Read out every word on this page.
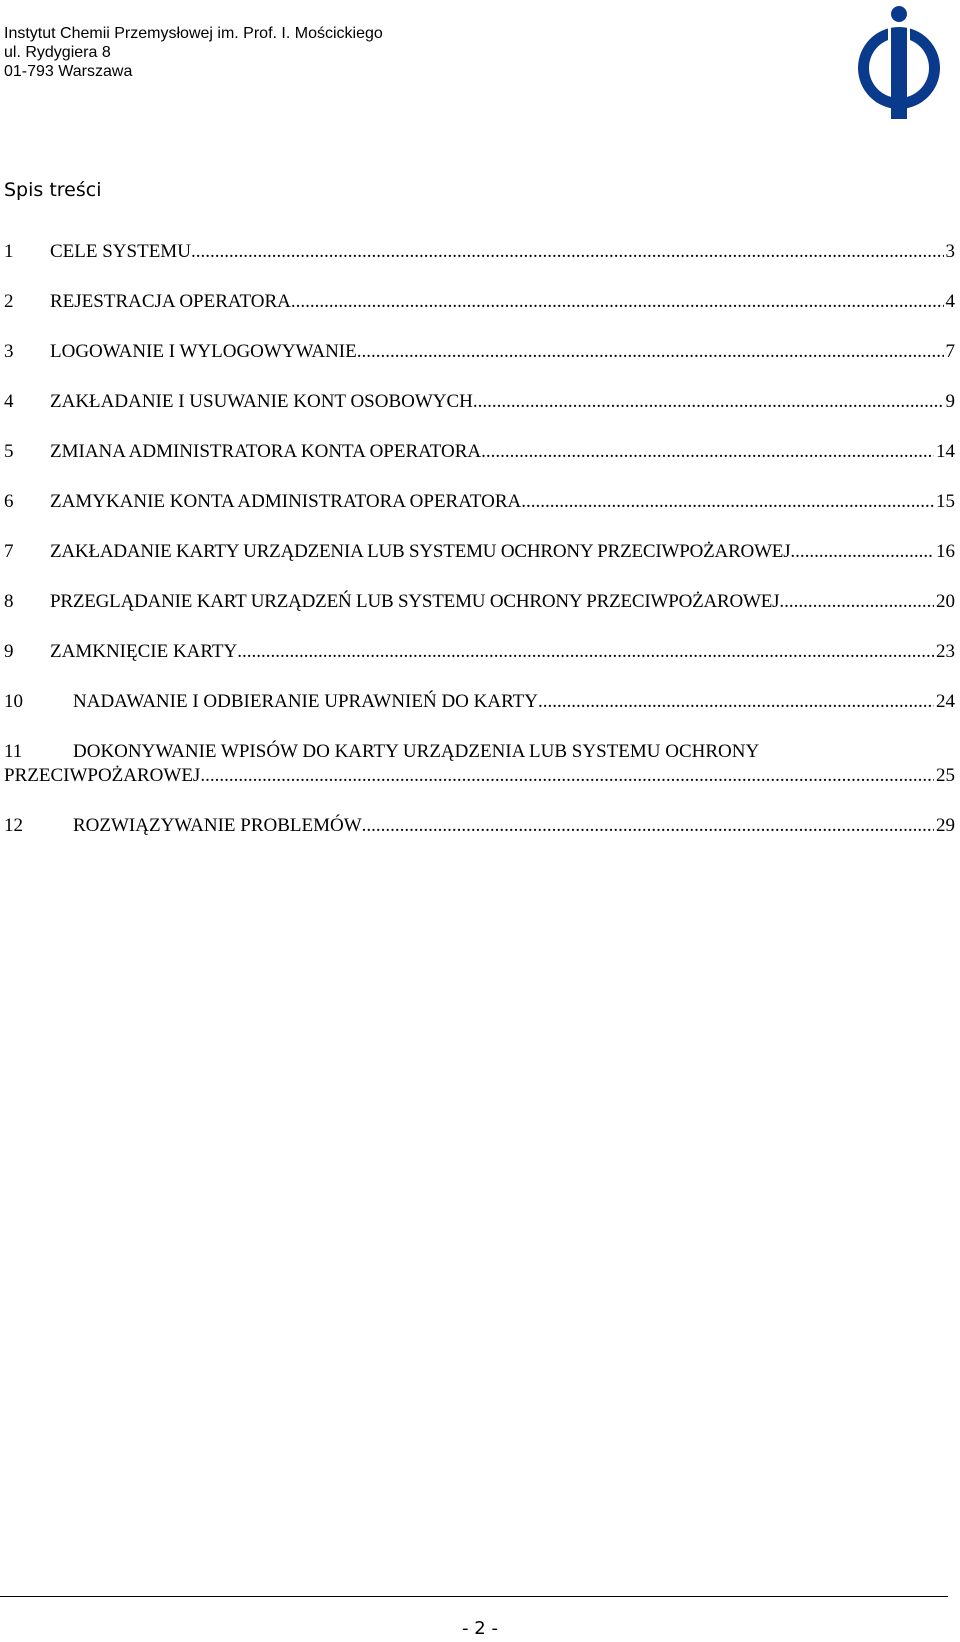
Instytut Chemii Przemysłowej im. Prof. I. Mościckiego
ul. Rydygiera 8
01-793 Warszawa
Spis treści
1	CELE SYSTEMU .....	3
2	REJESTRACJA OPERATORA .....	4
3	LOGOWANIE I WYLOGOWYWANIE .....	7
4	ZAKŁADANIE I USUWANIE KONT OSOBOWYCH .....	9
5	ZMIANA ADMINISTRATORA KONTA OPERATORA .....	14
6	ZAMYKANIE KONTA ADMINISTRATORA OPERATORA .....	15
7	ZAKŁADANIE KARTY URZĄDZENIA LUB SYSTEMU OCHRONY PRZECIWPOŻAROWEJ .....	16
8	PRZEGLĄDANIE KART URZĄDZEŃ LUB SYSTEMU OCHRONY PRZECIWPOŻAROWEJ .....	20
9	ZAMKNIĘCIE KARTY .....	23
10	NADAWANIE I ODBIERANIE UPRAWNIEŃ DO KARTY .....	24
11	DOKONYWANIE WPISÓW DO KARTY URZĄDZENIA LUB SYSTEMU OCHRONY
PRZECIWPOŻAROWEJ .....	25
12	ROZWIĄZYWANIE PROBLEMÓW .....	29
- 2 -
